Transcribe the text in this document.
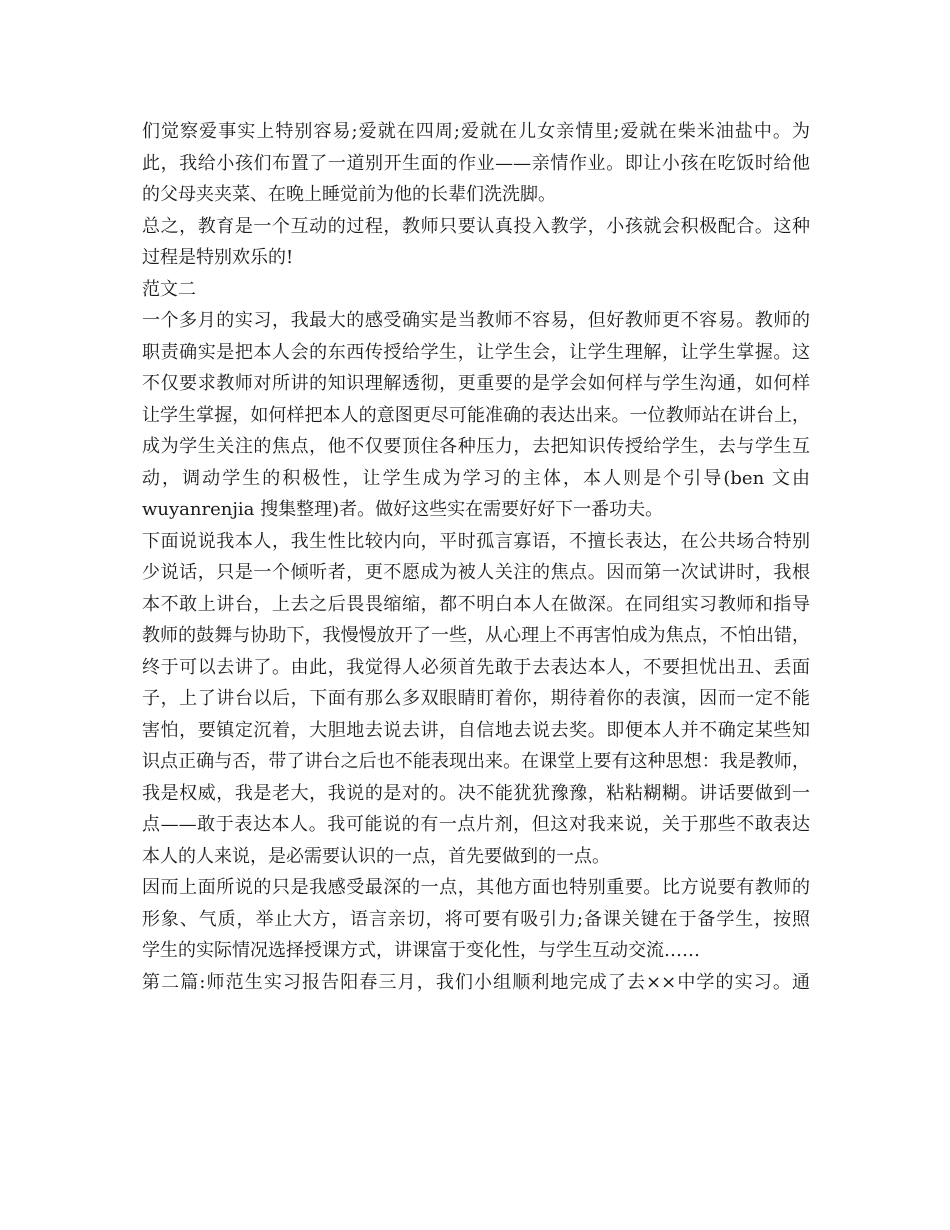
们觉察爱事实上特别容易;爱就在四周;爱就在儿女亲情里;爱就在柴米油盐中。为
此，我给小孩们布置了一道别开生面的作业——亲情作业。即让小孩在吃饭时给他
的父母夹夹菜、在晚上睡觉前为他的长辈们洗洗脚。
总之，教育是一个互动的过程，教师只要认真投入教学，小孩就会积极配合。这种
过程是特别欢乐的!
范文二
一个多月的实习，我最大的感受确实是当教师不容易，但好教师更不容易。教师的
职责确实是把本人会的东西传授给学生，让学生会，让学生理解，让学生掌握。这
不仅要求教师对所讲的知识理解透彻，更重要的是学会如何样与学生沟通，如何样
让学生掌握，如何样把本人的意图更尽可能准确的表达出来。一位教师站在讲台上，
成为学生关注的焦点，他不仅要顶住各种压力，去把知识传授给学生，去与学生互
动，调动学生的积极性，让学生成为学习的主体，本人则是个引导(ben 文由
wuyanrenjia 搜集整理)者。做好这些实在需要好好下一番功夫。
下面说说我本人，我生性比较内向，平时孤言寡语，不擅长表达，在公共场合特别
少说话，只是一个倾听者，更不愿成为被人关注的焦点。因而第一次试讲时，我根
本不敢上讲台，上去之后畏畏缩缩，都不明白本人在做深。在同组实习教师和指导
教师的鼓舞与协助下，我慢慢放开了一些，从心理上不再害怕成为焦点，不怕出错，
终于可以去讲了。由此，我觉得人必须首先敢于去表达本人，不要担忧出丑、丢面
子，上了讲台以后，下面有那么多双眼睛盯着你，期待着你的表演，因而一定不能
害怕，要镇定沉着，大胆地去说去讲，自信地去说去奖。即便本人并不确定某些知
识点正确与否，带了讲台之后也不能表现出来。在课堂上要有这种思想：我是教师，
我是权威，我是老大，我说的是对的。决不能犹犹豫豫，粘粘糊糊。讲话要做到一
点——敢于表达本人。我可能说的有一点片剂，但这对我来说，关于那些不敢表达
本人的人来说，是必需要认识的一点，首先要做到的一点。
因而上面所说的只是我感受最深的一点，其他方面也特别重要。比方说要有教师的
形象、气质，举止大方，语言亲切，将可要有吸引力;备课关键在于备学生，按照
学生的实际情况选择授课方式，讲课富于变化性，与学生互动交流……
第二篇:师范生实习报告阳春三月，我们小组顺利地完成了去××中学的实习。通
